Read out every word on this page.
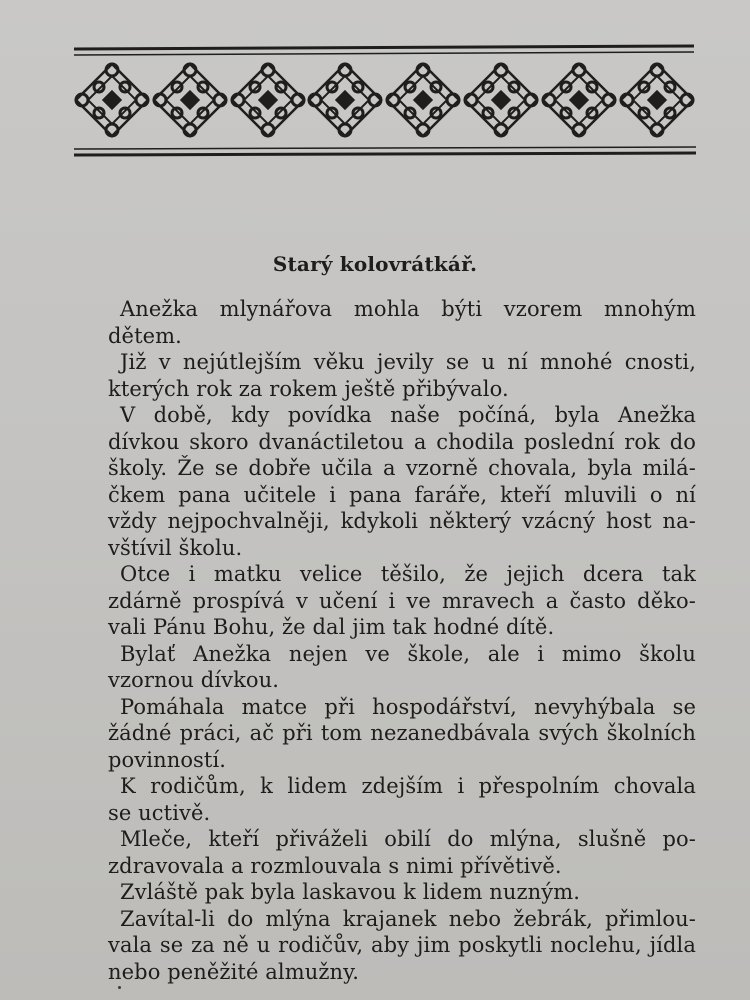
Starý kolovrátkář.
Anežka mlynářova mohla býti vzorem mnohým
dětem.
Již v nejútlejším věku jevily se u ní mnohé cnosti,
kterých rok za rokem ještě přibývalo.
V době, kdy povídka naše počíná, byla Anežka
dívkou skoro dvanáctiletou a chodila poslední rok do
školy. Že se dobře učila a vzorně chovala, byla milá-
čkem pana učitele i pana faráře, kteří mluvili o ní
vždy nejpochvalněji, kdykoli některý vzácný host na-
vštívil školu.
Otce i matku velice těšilo, že jejich dcera tak
zdárně prospívá v učení i ve mravech a často děko-
vali Pánu Bohu, že dal jim tak hodné dítě.
Bylať Anežka nejen ve škole, ale i mimo školu
vzornou dívkou.
Pomáhala matce při hospodářství, nevyhýbala se
žádné práci, ač při tom nezanedbávala svých školních
povinností.
K rodičům, k lidem zdejším i přespolním chovala
se uctivě.
Mleče, kteří přiváželi obilí do mlýna, slušně po-
zdravovala a rozmlouvala s nimi přívětivě.
Zvláště pak byla laskavou k lidem nuzným.
Zavítal-li do mlýna krajanek nebo žebrák, přimlou-
vala se za ně u rodičův, aby jim poskytli noclehu, jídla
nebo peněžité almužny.
